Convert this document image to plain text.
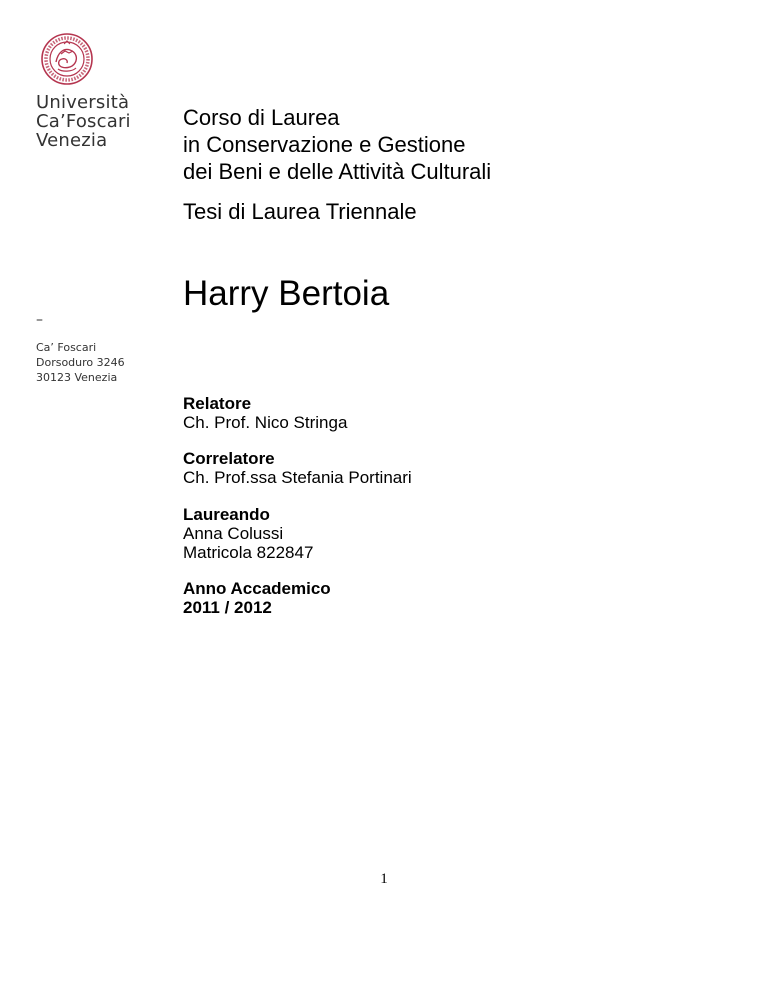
Università
Ca’Foscari
Venezia
–
Ca’ Foscari
Dorsoduro 3246
30123 Venezia
Corso di Laurea
in Conservazione e Gestione
dei Beni e delle Attività Culturali
Tesi di Laurea Triennale
Harry Bertoia
Relatore
Ch. Prof. Nico Stringa
Correlatore
Ch. Prof.ssa Stefania Portinari
Laureando
Anna Colussi
Matricola 822847
Anno Accademico
2011 / 2012
1
